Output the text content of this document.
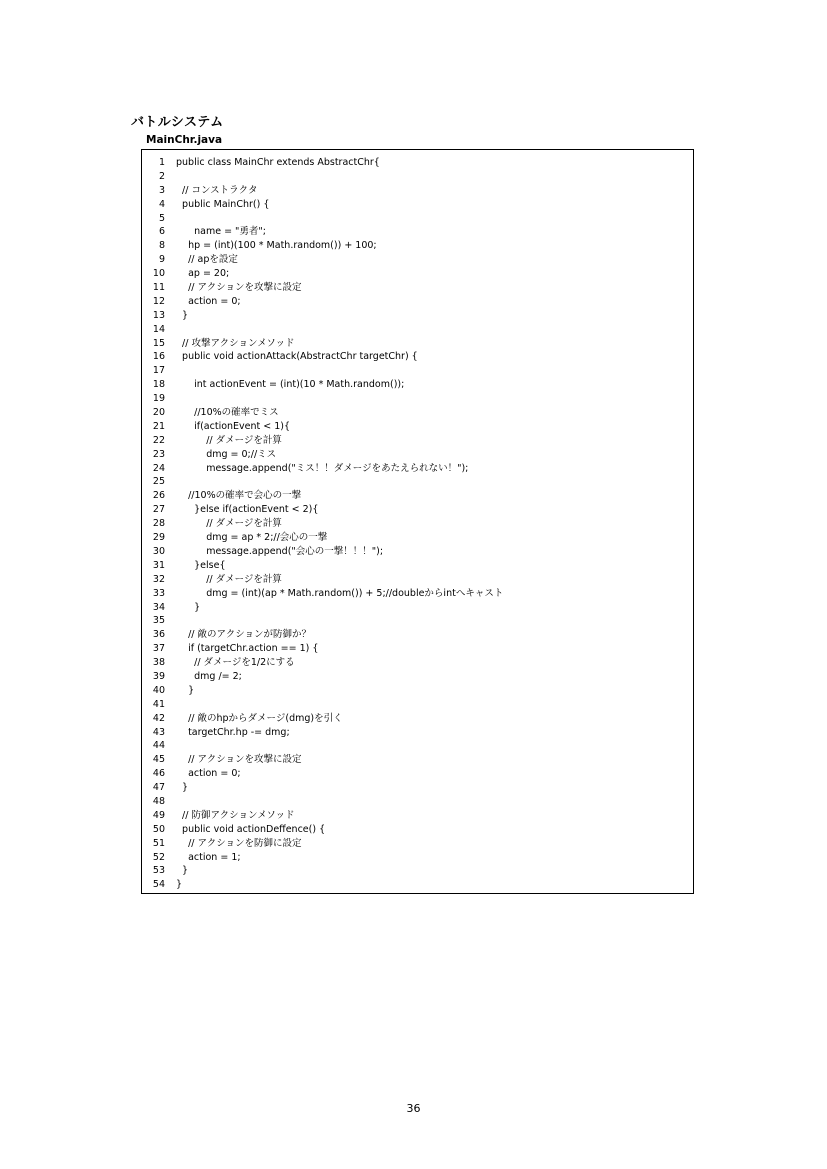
バトルシステム
MainChr.java
1 public class MainChr extends AbstractChr{
2
3 // コンストラクタ
4 public MainChr() {
5
6 name = "勇者";
8 hp = (int)(100 * Math.random()) + 100;
9 // apを設定
10 ap = 20;
11 // アクションを攻撃に設定
12 action = 0;
13 }
14
15 // 攻撃アクションメソッド
16 public void actionAttack(AbstractChr targetChr) {
17
18 int actionEvent = (int)(10 * Math.random());
19
20 //10%の確率でミス
21 if(actionEvent < 1){
22 // ダメージを計算
23 dmg = 0;//ミス
24 message.append("ミス！！ダメージをあたえられない！");
25
26 //10%の確率で会心の一撃
27 }else if(actionEvent < 2){
28 // ダメージを計算
29 dmg = ap * 2;//会心の一撃
30 message.append("会心の一撃！！！");
31 }else{
32 // ダメージを計算
33 dmg = (int)(ap * Math.random()) + 5;//doubleからintへキャスト
34 }
35
36 // 敵のアクションが防御か？
37 if (targetChr.action == 1) {
38 // ダメージを1/2にする
39 dmg /= 2;
40 }
41
42 // 敵のhpからダメージ(dmg)を引く
43 targetChr.hp -= dmg;
44
45 // アクションを攻撃に設定
46 action = 0;
47 }
48
49 // 防御アクションメソッド
50 public void actionDeffence() {
51 // アクションを防御に設定
52 action = 1;
53 }
54 }
36
